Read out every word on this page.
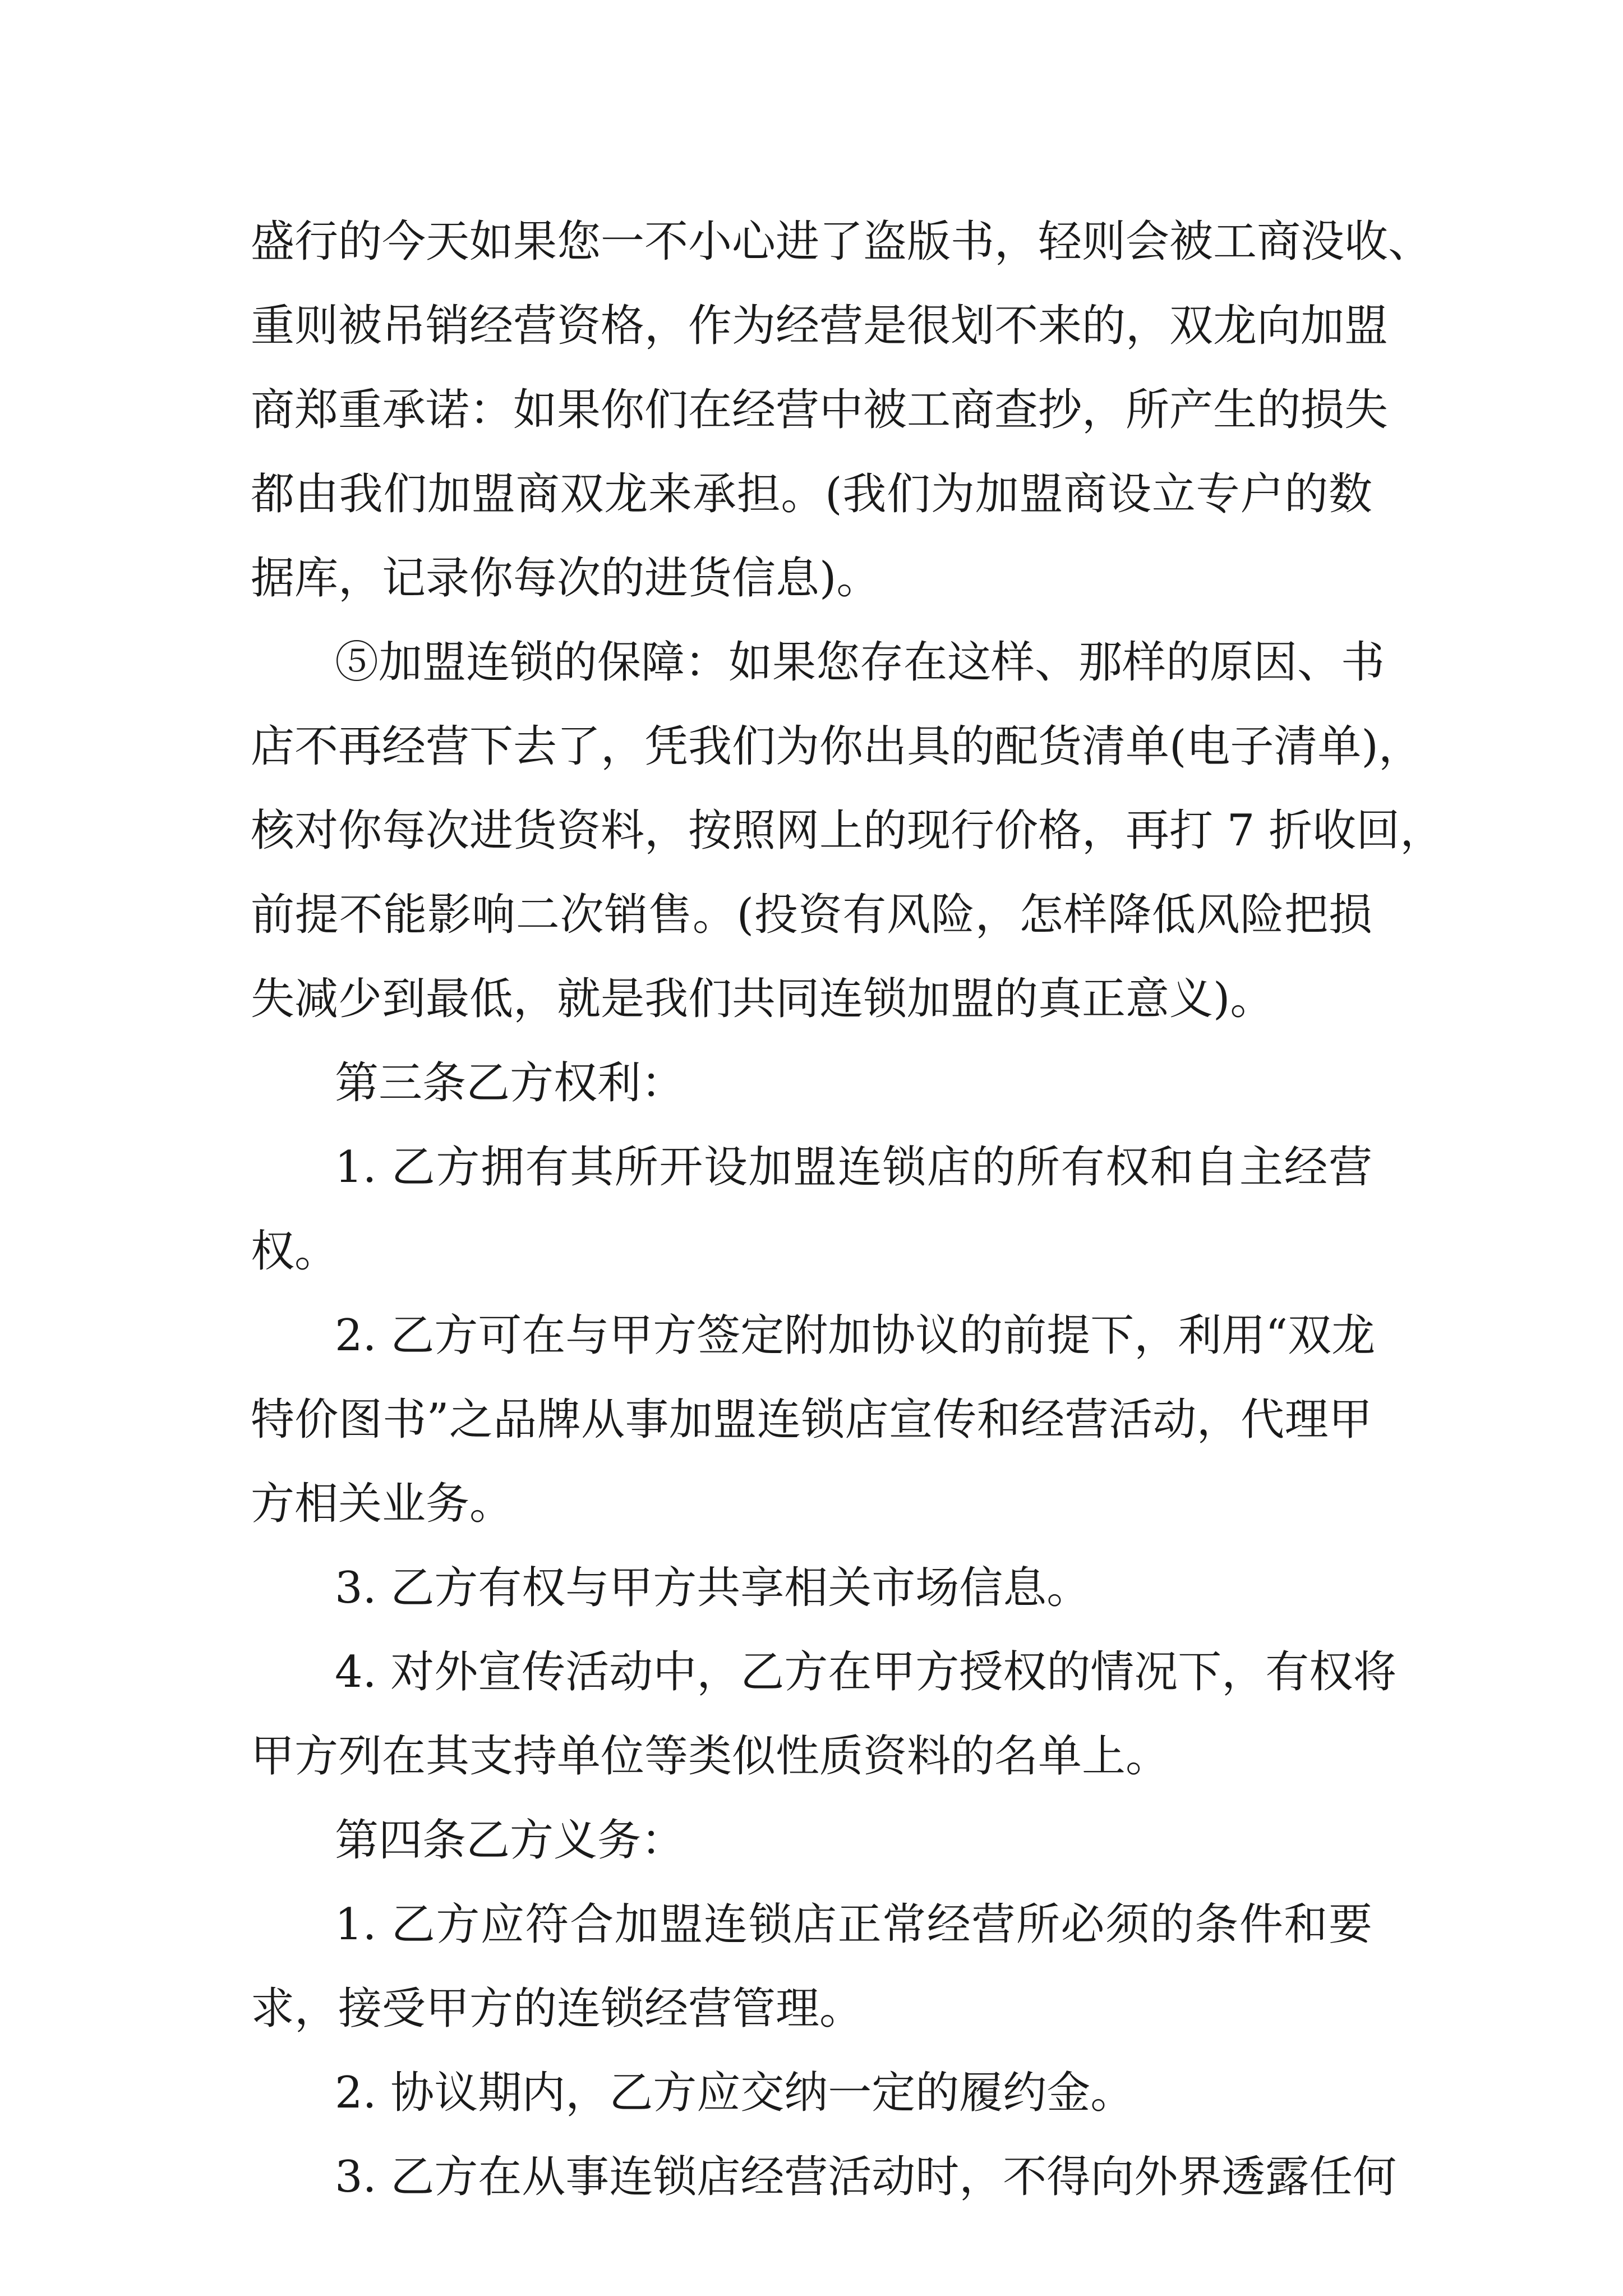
盛行的今天如果您一不小心进了盗版书，轻则会被工商没收、
重则被吊销经营资格，作为经营是很划不来的，双龙向加盟
商郑重承诺：如果你们在经营中被工商查抄，所产生的损失
都由我们加盟商双龙来承担。(我们为加盟商设立专户的数
据库，记录你每次的进货信息)。
⑤加盟连锁的保障：如果您存在这样、那样的原因、书
店不再经营下去了，凭我们为你出具的配货清单(电子清单)，
核对你每次进货资料，按照网上的现行价格，再打 7 折收回，
前提不能影响二次销售。(投资有风险，怎样降低风险把损
失减少到最低，就是我们共同连锁加盟的真正意义)。
第三条乙方权利：
1. 乙方拥有其所开设加盟连锁店的所有权和自主经营
权。
2. 乙方可在与甲方签定附加协议的前提下，利用“双龙
特价图书”之品牌从事加盟连锁店宣传和经营活动，代理甲
方相关业务。
3. 乙方有权与甲方共享相关市场信息。
4. 对外宣传活动中，乙方在甲方授权的情况下，有权将
甲方列在其支持单位等类似性质资料的名单上。
第四条乙方义务：
1. 乙方应符合加盟连锁店正常经营所必须的条件和要
求，接受甲方的连锁经营管理。
2. 协议期内，乙方应交纳一定的履约金。
3. 乙方在从事连锁店经营活动时，不得向外界透露任何
